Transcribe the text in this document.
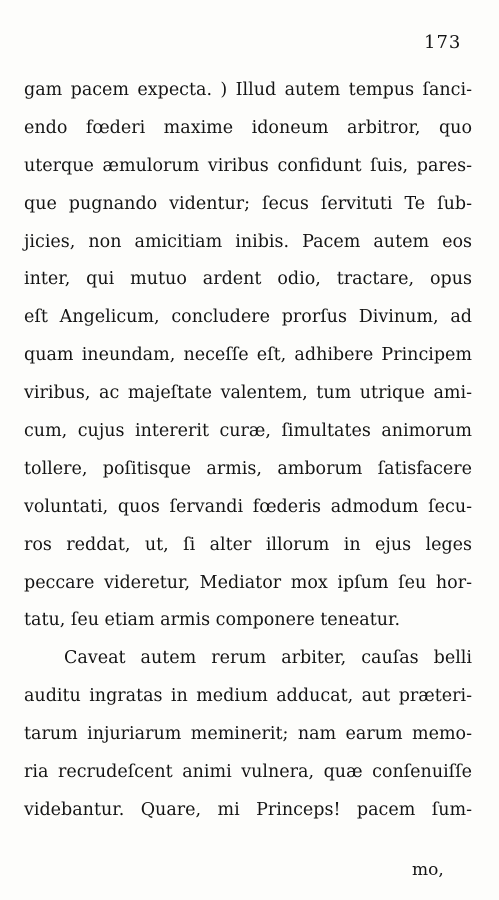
173
gam pacem expecta. ) Illud autem tempus ſanci-
endo fœderi maxime idoneum arbitror, quo
uterque æmulorum viribus confidunt ſuis, pares-
que pugnando videntur; ſecus ſervituti Te ſub-
jicies, non amicitiam inibis. Pacem autem eos
inter, qui mutuo ardent odio, tractare, opus
eſt Angelicum, concludere prorſus Divinum, ad
quam ineundam, neceſſe eſt, adhibere Principem
viribus, ac majeſtate valentem, tum utrique ami-
cum, cujus intererit curæ, ſimultates animorum
tollere, poſitisque armis, amborum ſatisfacere
voluntati, quos ſervandi fœderis admodum ſecu-
ros reddat, ut, ſi alter illorum in ejus leges
peccare videretur, Mediator mox ipſum ſeu hor-
tatu, ſeu etiam armis componere teneatur.
Caveat autem rerum arbiter, cauſas belli
auditu ingratas in medium adducat, aut præteri-
tarum injuriarum meminerit; nam earum memo-
ria recrudeſcent animi vulnera, quæ conſenuiſſe
videbantur. Quare, mi Princeps! pacem ſum-
mo,
